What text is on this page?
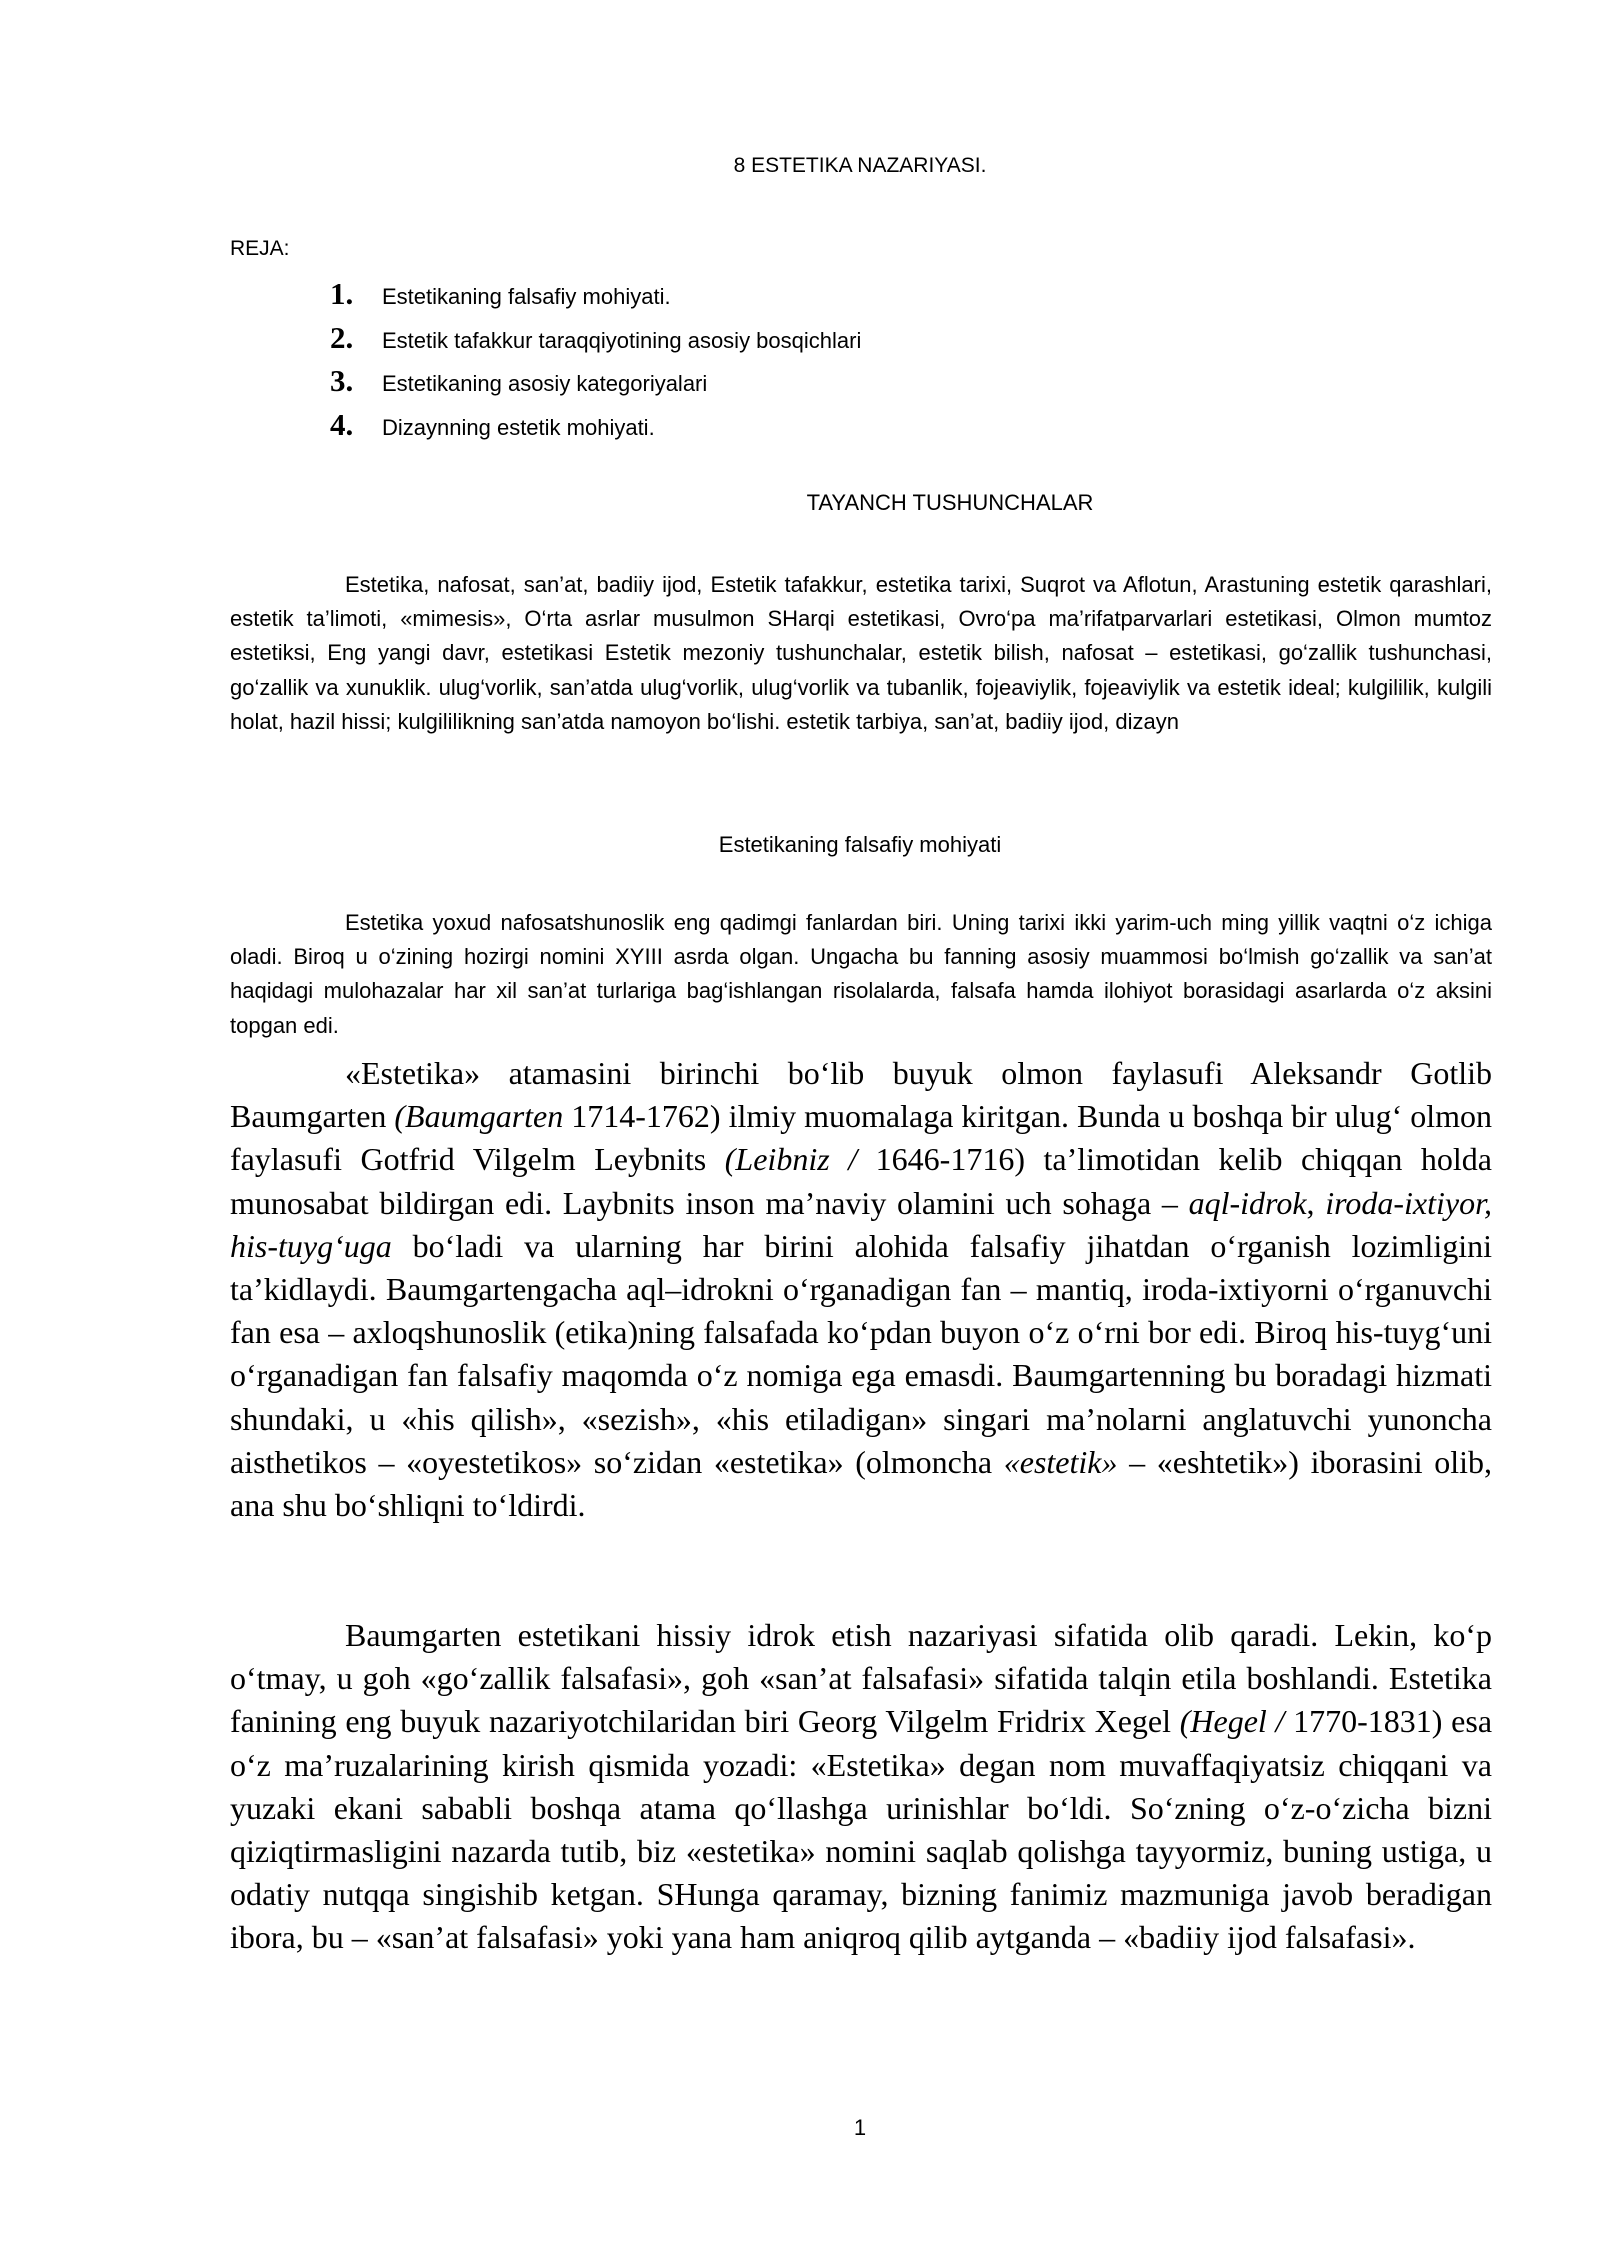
8 ESTETIKA NAZARIYASI.
REJA:
1.	Estetikaning falsafiy mohiyati.
2.	Estetik tafakkur taraqqiyotining asosiy bosqichlari
3.	Estetikaning asosiy kategoriyalari
4.	Dizaynning estetik mohiyati.
TAYANCH TUSHUNCHALAR

Estetika, nafosat, san’at, badiiy ijod, Estetik tafakkur, estetika tarixi, Suqrot va Aflotun, Arastuning estetik qarashlari, estetik ta’limoti, «mimesis», O‘rta asrlar musulmon SHarqi estetikasi, Ovro‘pa ma’rifatparvarlari estetikasi, Olmon mumtoz estetiksi, Eng yangi davr, estetikasi Estetik mezoniy tushunchalar, estetik bilish, nafosat – estetikasi, go‘zallik tushunchasi, go‘zallik va xunuklik. ulug‘vorlik, san’atda ulug‘vorlik, ulug‘vorlik va tubanlik, fojeaviylik, fojeaviylik va estetik ideal; kulgililik, kulgili holat, hazil hissi; kulgililikning san’atda namoyon bo‘lishi. estetik tarbiya, san’at, badiiy ijod, dizayn

Estetikaning falsafiy mohiyati

Estetika yoxud nafosatshunoslik eng qadimgi fanlardan biri. Uning tarixi ikki yarim-uch ming yillik vaqtni o‘z ichiga oladi. Biroq u o‘zining hozirgi nomini XYIII asrda olgan. Ungacha bu fanning asosiy muammosi bo‘lmish go‘zallik va san’at haqidagi mulohazalar har xil san’at turlariga bag‘ishlangan risolalarda, falsafa hamda ilohiyot borasidagi asarlarda o‘z aksini topgan edi.

«Estetika» atamasini birinchi bo‘lib buyuk olmon faylasufi Aleksandr Gotlib Baumgarten (Baumgarten 1714-1762) ilmiy muomalaga kiritgan. Bunda u boshqa bir ulug‘ olmon faylasufi Gotfrid Vilgelm Leybnits (Leibniz / 1646-1716) ta’limotidan kelib chiqqan holda munosabat bildirgan edi. Laybnits inson ma’naviy olamini uch sohaga – aql-idrok, iroda-ixtiyor, his-tuyg‘uga bo‘ladi va ularning har birini alohida falsafiy jihatdan o‘rganish lozimligini ta’kidlaydi. Baumgartengacha aql–idrokni o‘rganadigan fan – mantiq, iroda-ixtiyorni o‘rganuvchi fan esa – axloqshunoslik (etika)ning falsafada ko‘pdan buyon o‘z o‘rni bor edi. Biroq his-tuyg‘uni o‘rganadigan fan falsafiy maqomda o‘z nomiga ega emasdi. Baumgartenning bu boradagi hizmati shundaki, u «his qilish», «sezish», «his etiladigan» singari ma’nolarni anglatuvchi yunoncha aisthetikos – «oyestetikos» so‘zidan «estetika» (olmoncha «estetik» – «eshtetik») iborasini olib, ana shu bo‘shliqni to‘ldirdi.

Baumgarten estetikani hissiy idrok etish nazariyasi sifatida olib qaradi. Lekin, ko‘p o‘tmay, u goh «go‘zallik falsafasi», goh «san’at falsafasi» sifatida talqin etila boshlandi. Estetika fanining eng buyuk nazariyotchilaridan biri Georg Vilgelm Fridrix Xegel (Hegel / 1770-1831) esa o‘z ma’ruzalarining kirish qismida yozadi: «Estetika» degan nom muvaffaqiyatsiz chiqqani va yuzaki ekani sababli boshqa atama qo‘llashga urinishlar bo‘ldi. So‘zning o‘z-o‘zicha bizni qiziqtirmasligini nazarda tutib, biz «estetika» nomini saqlab qolishga tayyormiz, buning ustiga, u odatiy nutqqa singishib ketgan. SHunga qaramay, bizning fanimiz mazmuniga javob beradigan ibora, bu – «san’at falsafasi» yoki yana ham aniqroq qilib aytganda – «badiiy ijod falsafasi».

1
